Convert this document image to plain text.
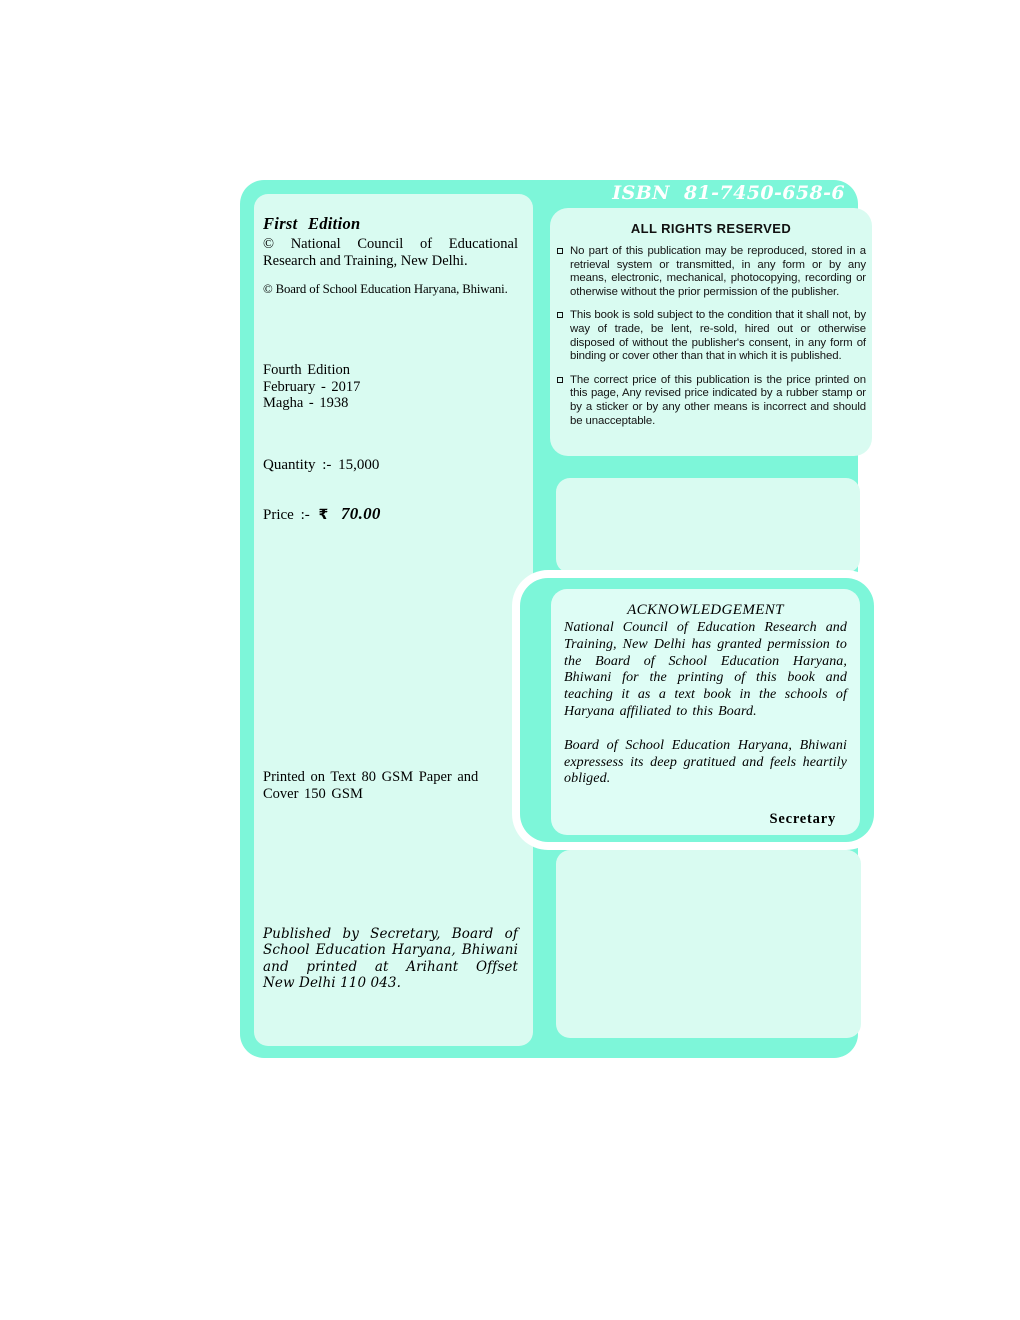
ISBN 81-7450-658-6
First Edition
© National Council of Educational
Research and Training, New Delhi.
© Board of School Education Haryana, Bhiwani.
Fourth Edition
February - 2017
Magha - 1938
Quantity :- 15,000
Price :- ₹ 70.00
Printed on Text 80 GSM Paper and
Cover 150 GSM
Published by Secretary, Board of
School Education Haryana, Bhiwani
and printed at Arihant Offset
New Delhi 110 043.
ALL RIGHTS RESERVED

No part of this publication may be reproduced, stored in a retrieval system or transmitted, in any form or by any means, electronic, mechanical, photocopying, recording or otherwise without the prior permission of the publisher.

This book is sold subject to the condition that it shall not, by way of trade, be lent, re-sold, hired out or otherwise disposed of without the publisher's consent, in any form of binding or cover other than that in which it is published.

The correct price of this publication is the price printed on this page, Any revised price indicated by a rubber stamp or by a sticker or by any other means is incorrect and should be unacceptable.

ACKNOWLEDGEMENT

National Council of Education Research and Training, New Delhi has granted permission to the Board of School Education Haryana, Bhiwani for the printing of this book and teaching it as a text book in the schools of Haryana affiliated to this Board.

Board of School Education Haryana, Bhiwani expressess its deep gratitued and feels heartily obliged.

Secretary
